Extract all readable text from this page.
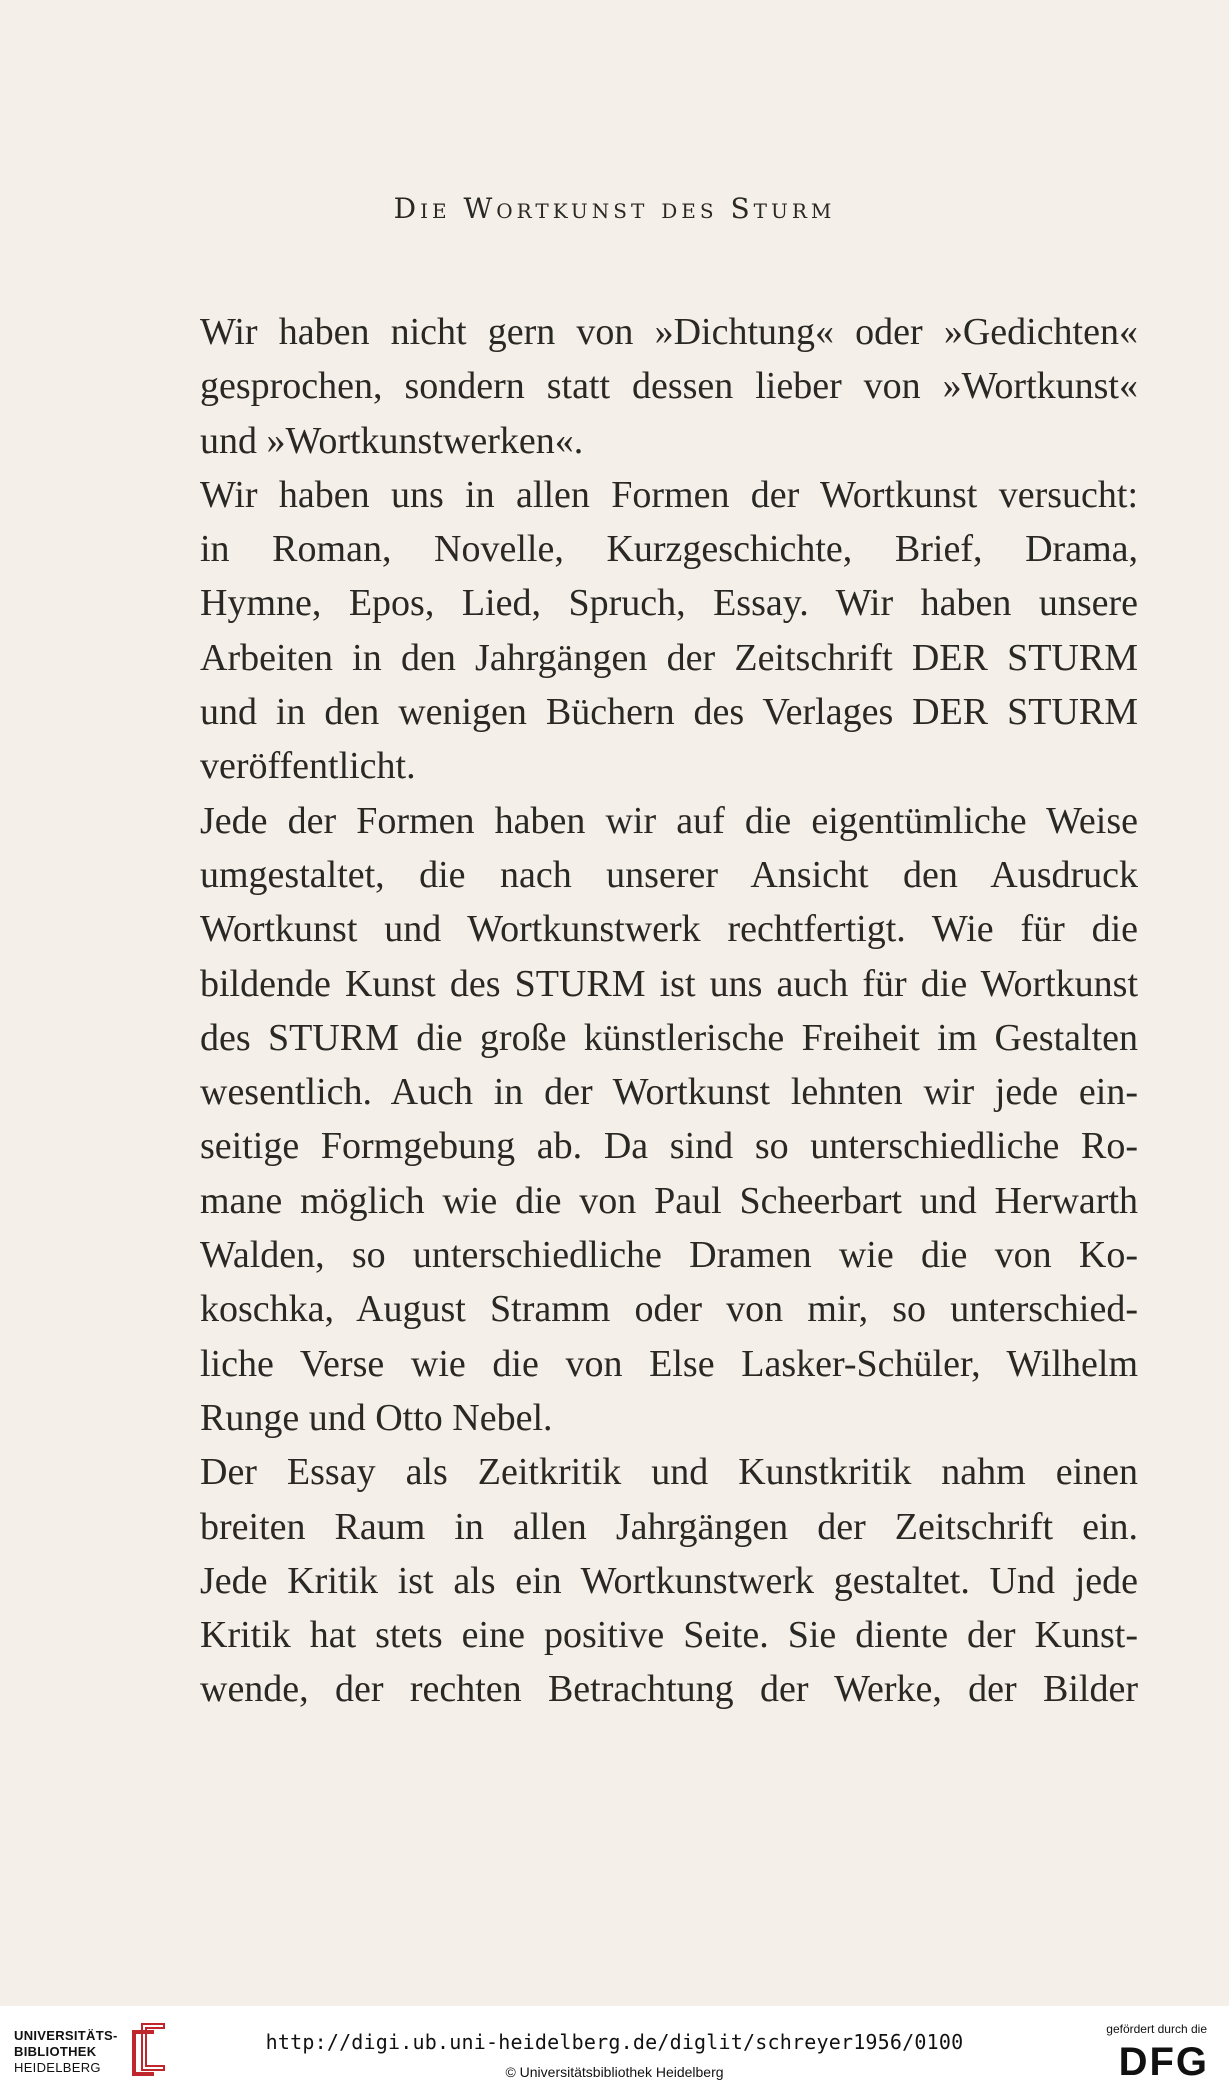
Die Wortkunst des Sturm
Wir haben nicht gern von »Dichtung« oder »Gedichten«
gesprochen, sondern statt dessen lieber von »Wortkunst«
und »Wortkunstwerken«.
Wir haben uns in allen Formen der Wortkunst versucht:
in Roman, Novelle, Kurzgeschichte, Brief, Drama,
Hymne, Epos, Lied, Spruch, Essay. Wir haben unsere
Arbeiten in den Jahrgängen der Zeitschrift DER STURM
und in den wenigen Büchern des Verlages DER STURM
veröffentlicht.
Jede der Formen haben wir auf die eigentümliche Weise
umgestaltet, die nach unserer Ansicht den Ausdruck
Wortkunst und Wortkunstwerk rechtfertigt. Wie für die
bildende Kunst des STURM ist uns auch für die Wortkunst
des STURM die große künstlerische Freiheit im Gestalten
wesentlich. Auch in der Wortkunst lehnten wir jede ein-
seitige Formgebung ab. Da sind so unterschiedliche Ro-
mane möglich wie die von Paul Scheerbart und Herwarth
Walden, so unterschiedliche Dramen wie die von Ko-
koschka, August Stramm oder von mir, so unterschied-
liche Verse wie die von Else Lasker-Schüler, Wilhelm
Runge und Otto Nebel.
Der Essay als Zeitkritik und Kunstkritik nahm einen
breiten Raum in allen Jahrgängen der Zeitschrift ein.
Jede Kritik ist als ein Wortkunstwerk gestaltet. Und jede
Kritik hat stets eine positive Seite. Sie diente der Kunst-
wende, der rechten Betrachtung der Werke, der Bilder
UNIVERSITÄTS-
BIBLIOTHEK
HEIDELBERG
http://digi.ub.uni-heidelberg.de/diglit/schreyer1956/0100
© Universitätsbibliothek Heidelberg
gefördert durch die
DFG
